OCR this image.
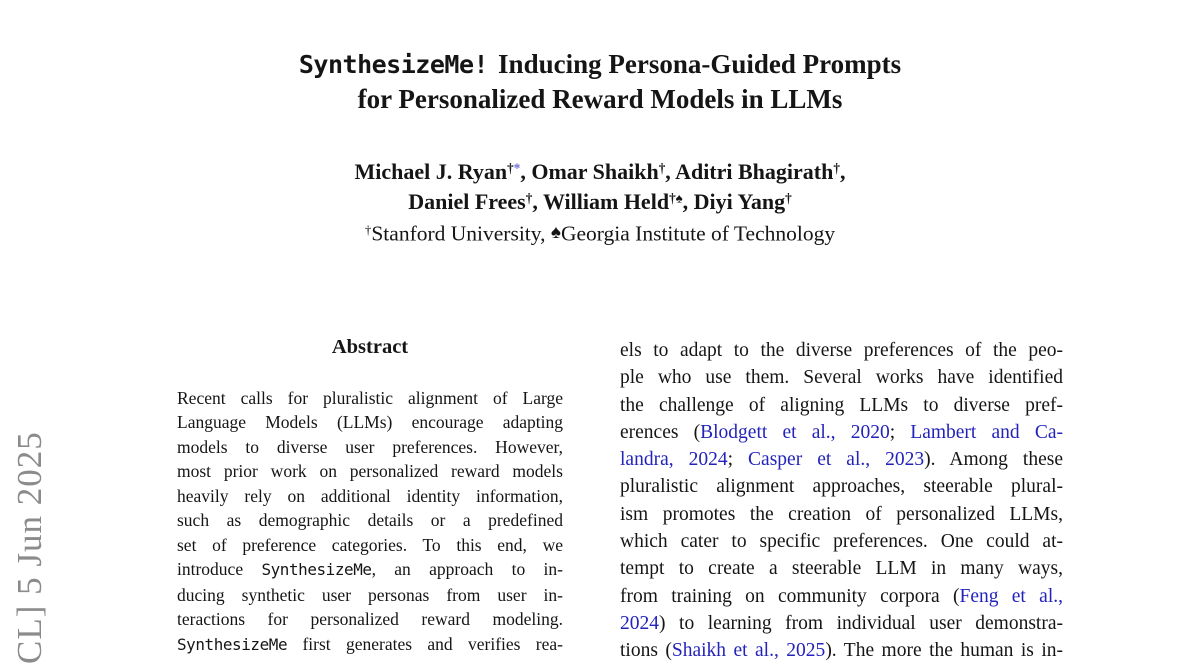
CL] 5 Jun 2025
SynthesizeMe! Inducing Persona-Guided Prompts
for Personalized Reward Models in LLMs
Michael J. Ryan†*, Omar Shaikh†, Aditri Bhagirath†,
Daniel Frees†, William Held†♠, Diyi Yang†
†Stanford University, ♠Georgia Institute of Technology
Abstract
Recent calls for pluralistic alignment of Large
Language Models (LLMs) encourage adapting
models to diverse user preferences. However,
most prior work on personalized reward models
heavily rely on additional identity information,
such as demographic details or a predefined
set of preference categories. To this end, we
introduce SynthesizeMe, an approach to in-
ducing synthetic user personas from user in-
teractions for personalized reward modeling.
SynthesizeMe first generates and verifies rea-
els to adapt to the diverse preferences of the peo-
ple who use them. Several works have identified
the challenge of aligning LLMs to diverse pref-
erences (Blodgett et al., 2020; Lambert and Ca-
landra, 2024; Casper et al., 2023). Among these
pluralistic alignment approaches, steerable plural-
ism promotes the creation of personalized LLMs,
which cater to specific preferences. One could at-
tempt to create a steerable LLM in many ways,
from training on community corpora (Feng et al.,
2024) to learning from individual user demonstra-
tions (Shaikh et al., 2025). The more the human is in-
